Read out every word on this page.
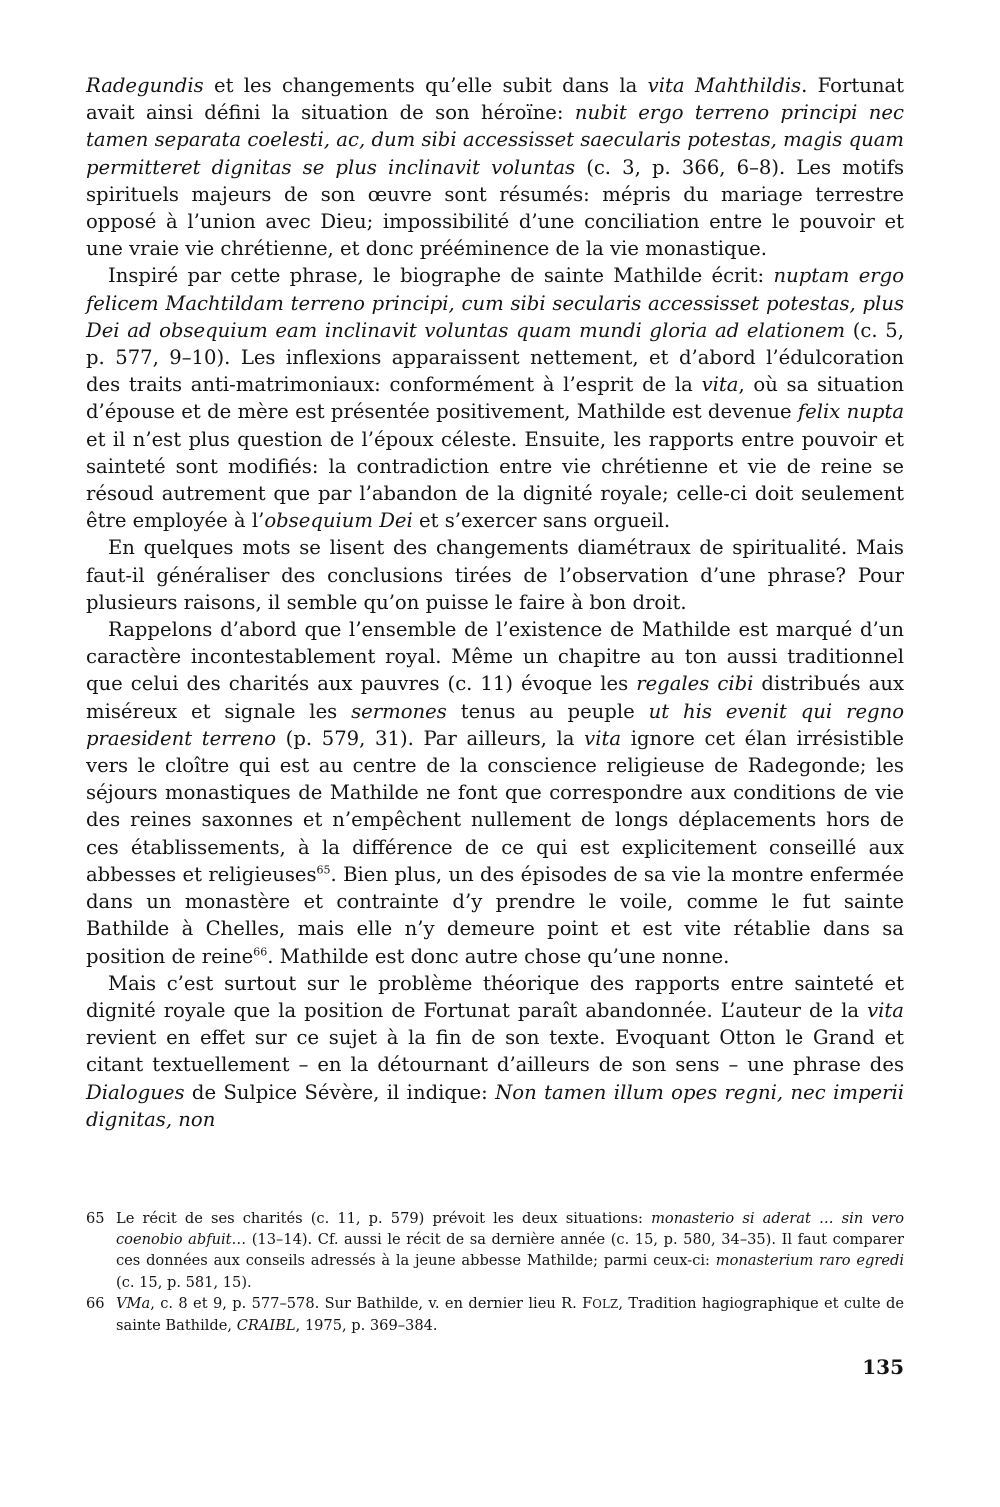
Radegundis et les changements qu’elle subit dans la vita Mahthildis. Fortunat avait ainsi défini la situation de son héroïne: nubit ergo terreno principi nec tamen separata coelesti, ac, dum sibi accessisset saecularis potestas, magis quam permitteret dignitas se plus inclinavit voluntas (c. 3, p. 366, 6–8). Les motifs spirituels majeurs de son œuvre sont résumés: mépris du mariage terrestre opposé à l’union avec Dieu; impossibilité d’une conciliation entre le pouvoir et une vraie vie chrétienne, et donc prééminence de la vie monastique.

Inspiré par cette phrase, le biographe de sainte Mathilde écrit: nuptam ergo felicem Machtildam terreno principi, cum sibi secularis accessisset potestas, plus Dei ad obsequium eam inclinavit voluntas quam mundi gloria ad elationem (c. 5, p. 577, 9–10). Les inflexions apparaissent nettement, et d’abord l’édulcoration des traits anti-matrimoniaux: conformément à l’esprit de la vita, où sa situation d’épouse et de mère est présentée positivement, Mathilde est devenue felix nupta et il n’est plus question de l’époux céleste. Ensuite, les rapports entre pouvoir et sainteté sont modifiés: la contradiction entre vie chrétienne et vie de reine se résoud autrement que par l’abandon de la dignité royale; celle-ci doit seulement être employée à l’obsequium Dei et s’exercer sans orgueil.

En quelques mots se lisent des changements diamétraux de spiritualité. Mais faut-il généraliser des conclusions tirées de l’observation d’une phrase? Pour plusieurs raisons, il semble qu’on puisse le faire à bon droit.

Rappelons d’abord que l’ensemble de l’existence de Mathilde est marqué d’un caractère incontestablement royal. Même un chapitre au ton aussi traditionnel que celui des charités aux pauvres (c. 11) évoque les regales cibi distribués aux miséreux et signale les sermones tenus au peuple ut his evenit qui regno praesident terreno (p. 579, 31). Par ailleurs, la vita ignore cet élan irrésistible vers le cloître qui est au centre de la conscience religieuse de Radegonde; les séjours monastiques de Mathilde ne font que correspondre aux conditions de vie des reines saxonnes et n’empêchent nullement de longs déplacements hors de ces établissements, à la différence de ce qui est explicitement conseillé aux abbesses et religieuses$^{65}$. Bien plus, un des épisodes de sa vie la montre enfermée dans un monastère et contrainte d’y prendre le voile, comme le fut sainte Bathilde à Chelles, mais elle n’y demeure point et est vite rétablie dans sa position de reine$^{66}$. Mathilde est donc autre chose qu’une nonne.

Mais c’est surtout sur le problème théorique des rapports entre sainteté et dignité royale que la position de Fortunat paraît abandonnée. L’auteur de la vita revient en effet sur ce sujet à la fin de son texte. Evoquant Otton le Grand et citant textuellement – en la détournant d’ailleurs de son sens – une phrase des Dialogues de Sulpice Sévère, il indique: Non tamen illum opes regni, nec imperii dignitas, non

65 Le récit de ses charités (c. 11, p. 579) prévoit les deux situations: monasterio si aderat … sin vero coenobio abfuit… (13–14). Cf. aussi le récit de sa dernière année (c. 15, p. 580, 34–35). Il faut comparer ces données aux conseils adressés à la jeune abbesse Mathilde; parmi ceux-ci: monasterium raro egredi (c. 15, p. 581, 15).
66 VMa, c. 8 et 9, p. 577–578. Sur Bathilde, v. en dernier lieu R. FOLZ, Tradition hagiographique et culte de sainte Bathilde, CRAIBL, 1975, p. 369–384.
135
